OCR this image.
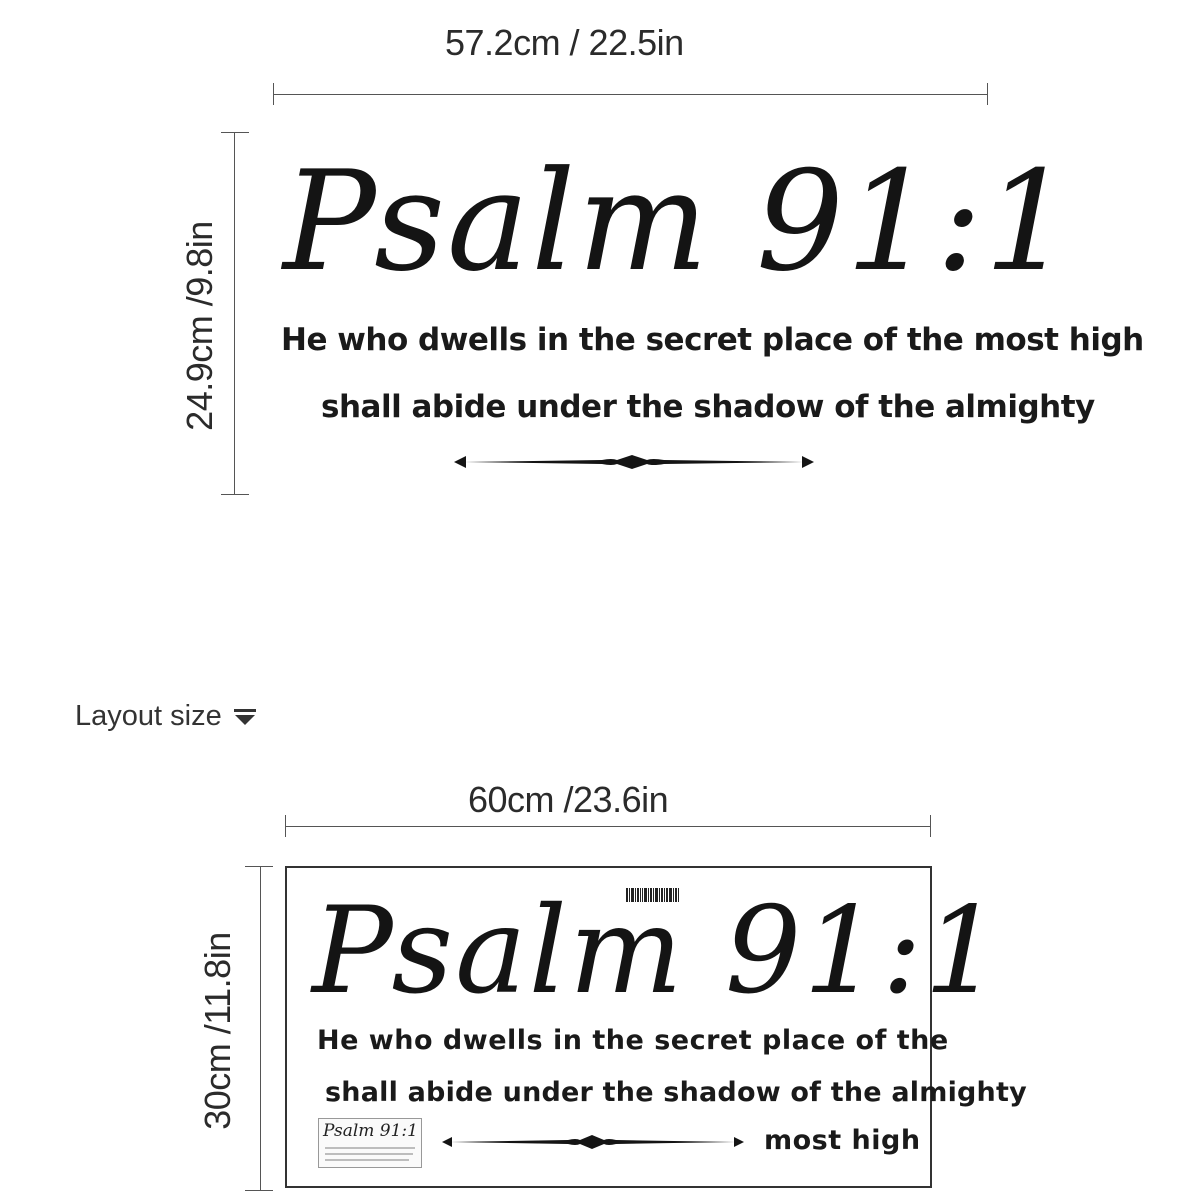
57.2cm / 22.5in
24.9cm /9.8in Psalm 91:1
He who dwells in the secret place of the most high
shall abide under the shadow of the almighty
Layout size
60cm /23.6in
30cm /11.8in Psalm 91:1
He who dwells in the secret place of the
shall abide under the shadow of the almighty
most high
Psalm 91:1
